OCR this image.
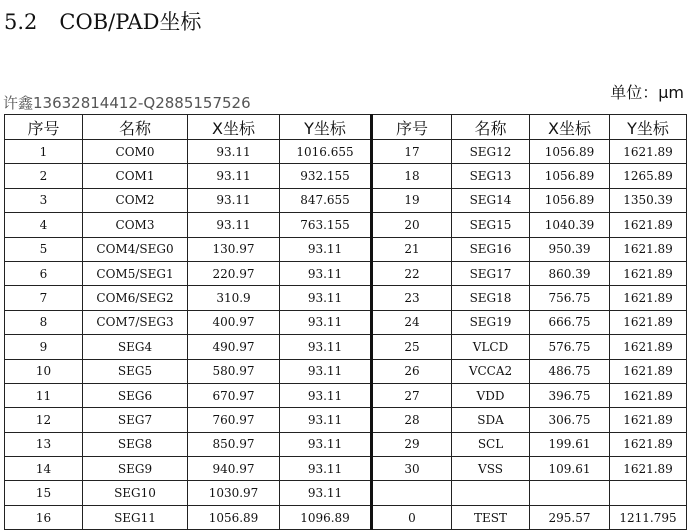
5.2 COB/PAD坐标
许鑫13632814412-Q2885157526
单位：μm
序号	名称	X坐标	Y坐标	序号	名称	X坐标	Y坐标
1	COM0	93.11	1016.655	17	SEG12	1056.89	1621.89
2	COM1	93.11	932.155	18	SEG13	1056.89	1265.89
3	COM2	93.11	847.655	19	SEG14	1056.89	1350.39
4	COM3	93.11	763.155	20	SEG15	1040.39	1621.89
5	COM4/SEG0	130.97	93.11	21	SEG16	950.39	1621.89
6	COM5/SEG1	220.97	93.11	22	SEG17	860.39	1621.89
7	COM6/SEG2	310.9	93.11	23	SEG18	756.75	1621.89
8	COM7/SEG3	400.97	93.11	24	SEG19	666.75	1621.89
9	SEG4	490.97	93.11	25	VLCD	576.75	1621.89
10	SEG5	580.97	93.11	26	VCCA2	486.75	1621.89
11	SEG6	670.97	93.11	27	VDD	396.75	1621.89
12	SEG7	760.97	93.11	28	SDA	306.75	1621.89
13	SEG8	850.97	93.11	29	SCL	199.61	1621.89
14	SEG9	940.97	93.11	30	VSS	109.61	1621.89
15	SEG10	1030.97	93.11				
16	SEG11	1056.89	1096.89	0	TEST	295.57	1211.795
